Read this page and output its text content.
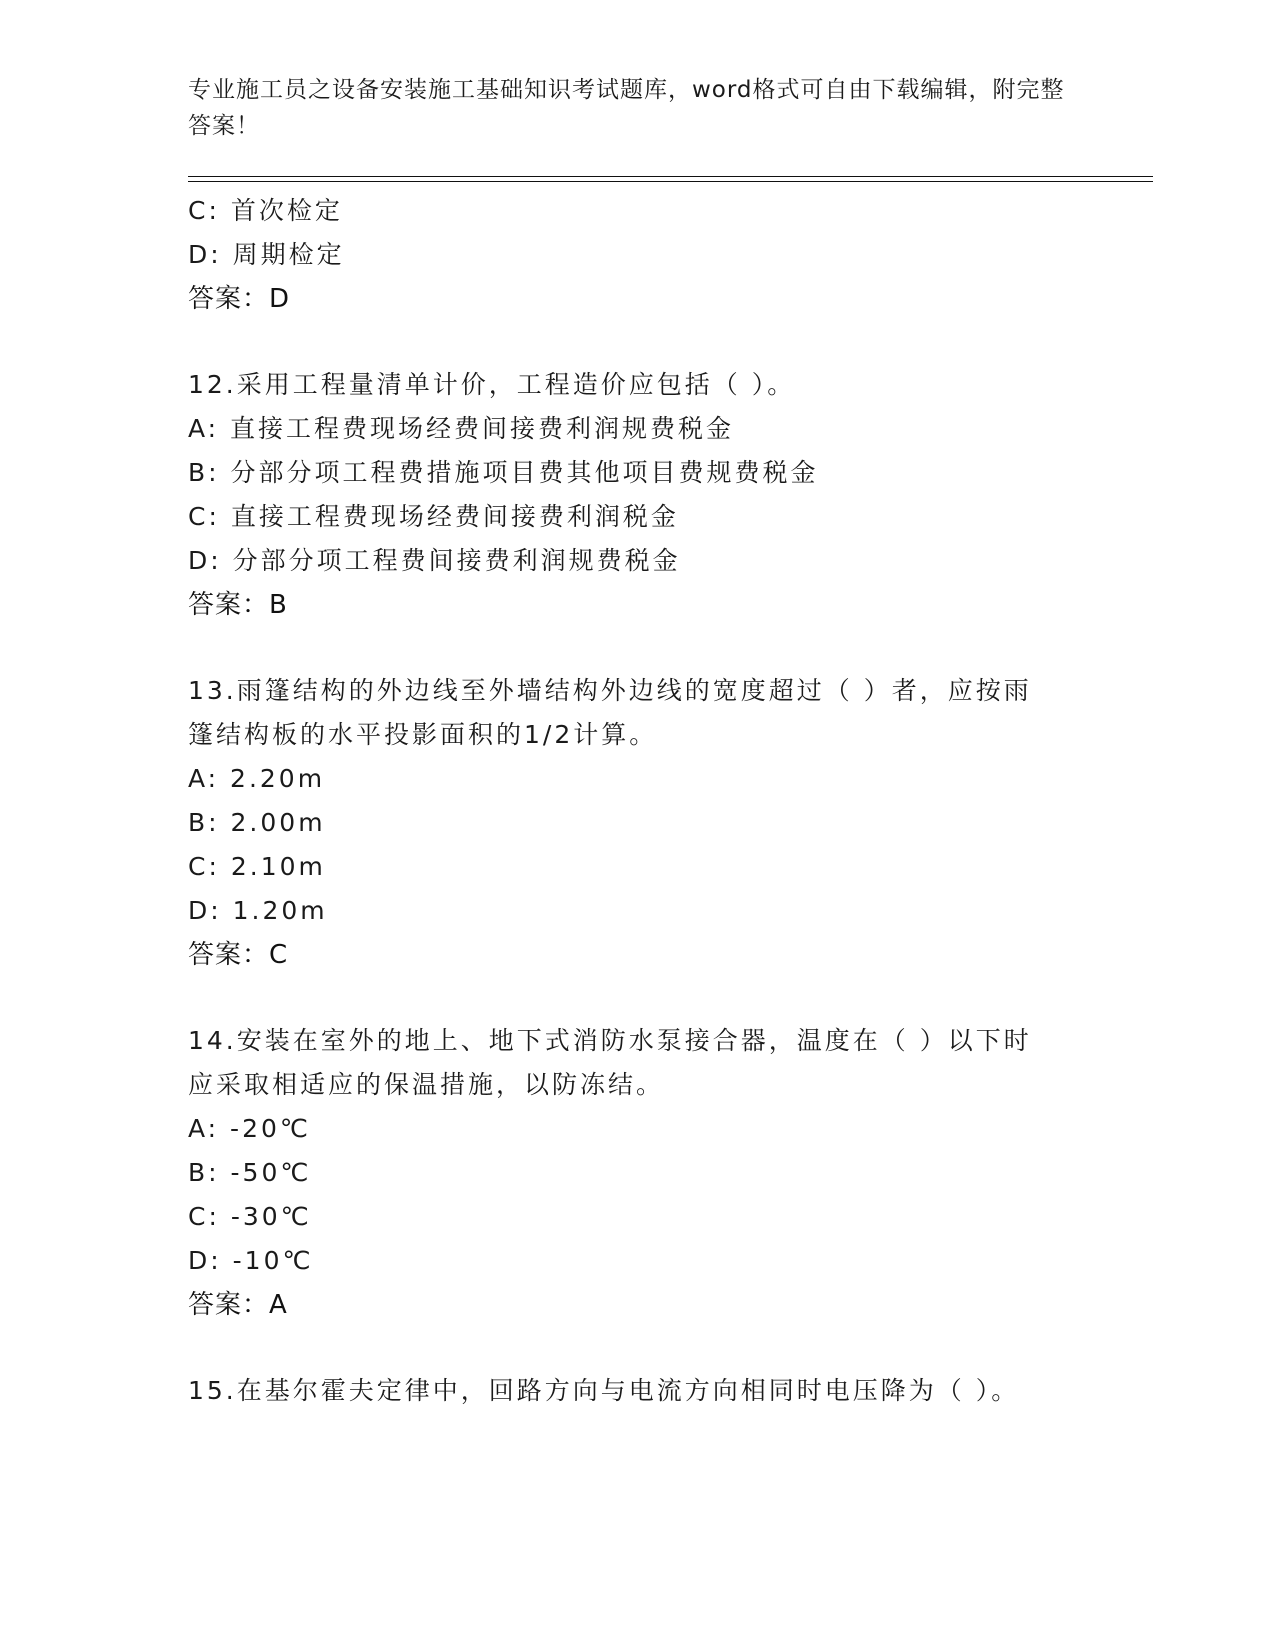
专业施工员之设备安装施工基础知识考试题库，word格式可自由下载编辑，附完整答案！
C: 首次检定
D: 周期检定
答案：D
12.采用工程量清单计价，工程造价应包括（ ）。
A: 直接工程费现场经费间接费利润规费税金
B: 分部分项工程费措施项目费其他项目费规费税金
C: 直接工程费现场经费间接费利润税金
D: 分部分项工程费间接费利润规费税金
答案：B
13.雨篷结构的外边线至外墙结构外边线的宽度超过（ ）者，应按雨
篷结构板的水平投影面积的1/2计算。
A: 2.20m
B: 2.00m
C: 2.10m
D: 1.20m
答案：C
14.安装在室外的地上、地下式消防水泵接合器，温度在（ ）以下时
应采取相适应的保温措施，以防冻结。
A: -20℃
B: -50℃
C: -30℃
D: -10℃
答案：A
15.在基尔霍夫定律中，回路方向与电流方向相同时电压降为（ ）。
